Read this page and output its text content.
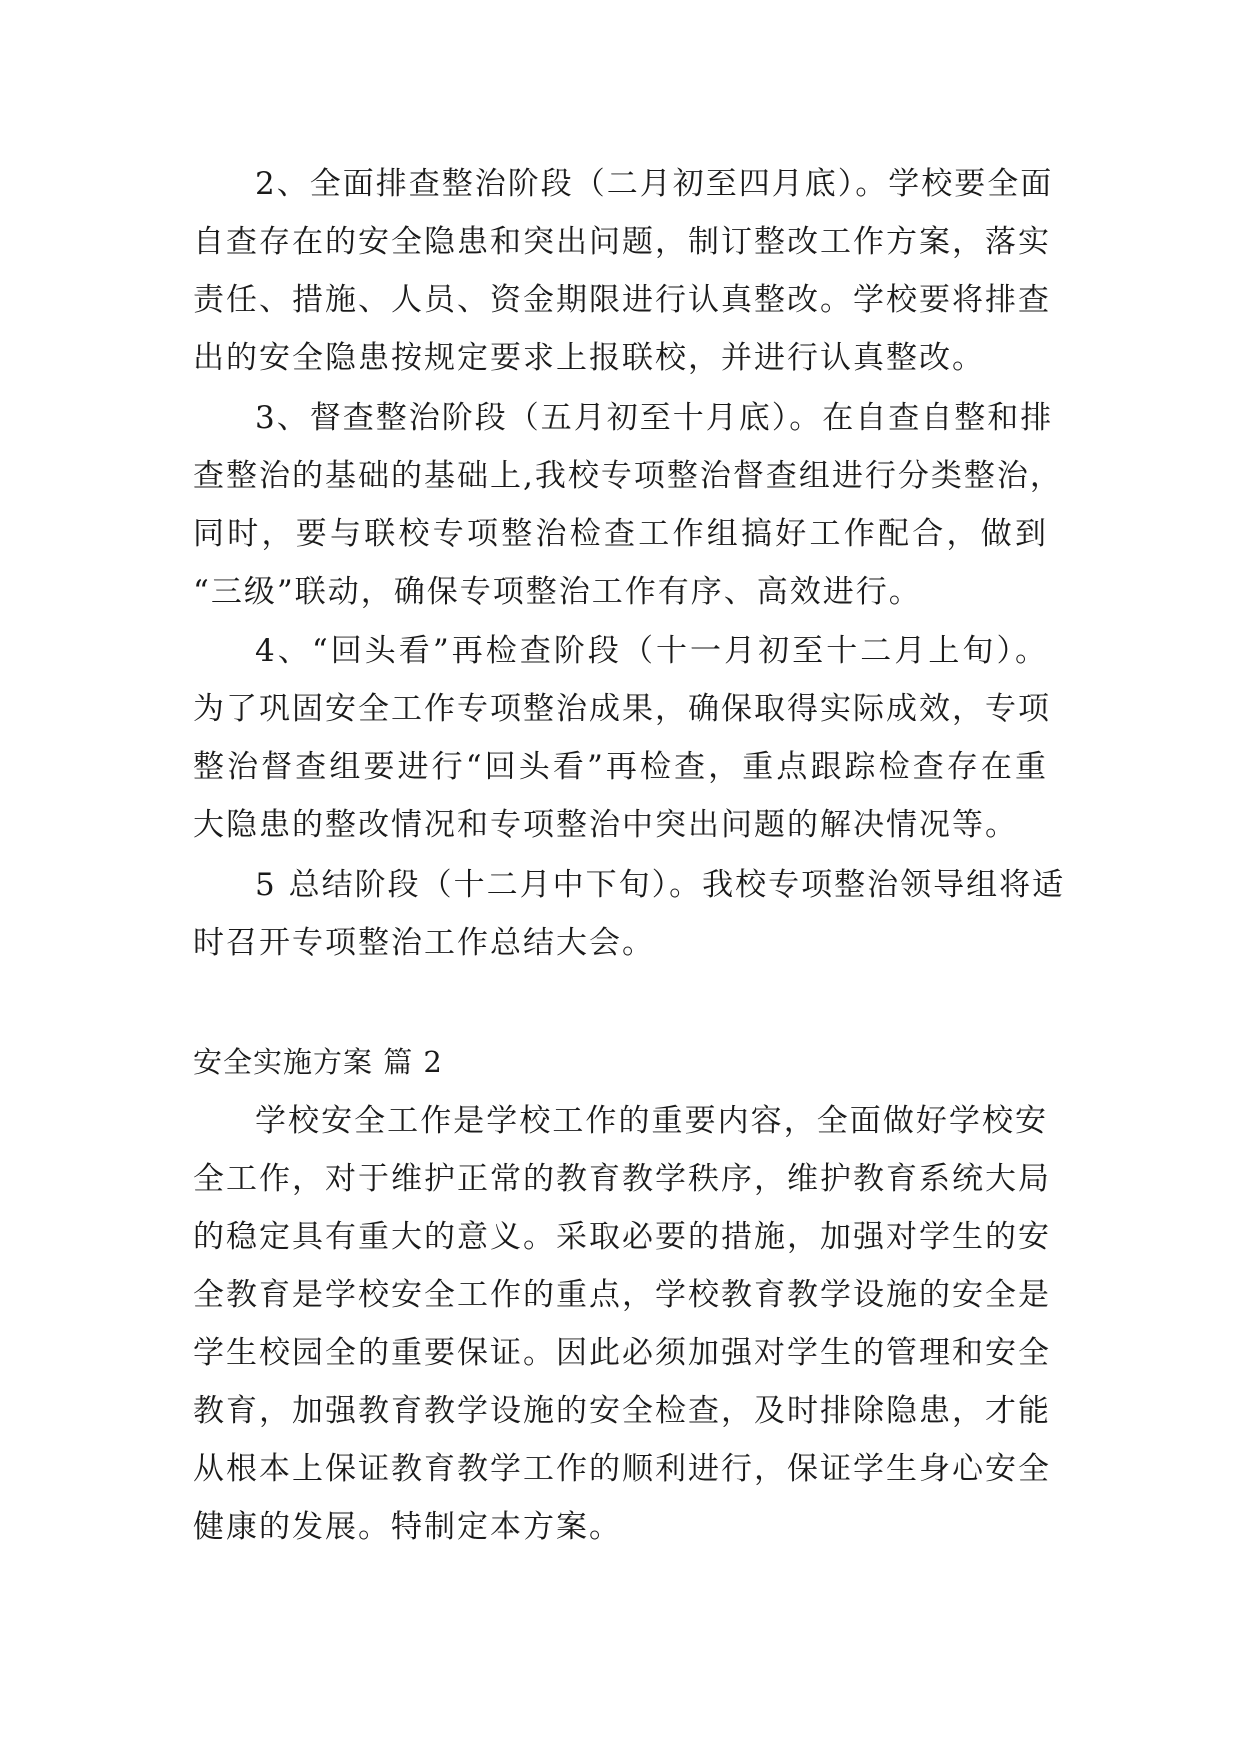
2、全面排查整治阶段（二月初至四月底）。学校要全面
自查存在的安全隐患和突出问题，制订整改工作方案，落实
责任、措施、人员、资金期限进行认真整改。学校要将排查
出的安全隐患按规定要求上报联校，并进行认真整改。
3、督查整治阶段（五月初至十月底）。在自查自整和排
查整治的基础的基础上,我校专项整治督查组进行分类整治，
同时，要与联校专项整治检查工作组搞好工作配合，做到
“三级”联动，确保专项整治工作有序、高效进行。
4、“回头看”再检查阶段（十一月初至十二月上旬）。
为了巩固安全工作专项整治成果，确保取得实际成效，专项
整治督查组要进行“回头看”再检查，重点跟踪检查存在重
大隐患的整改情况和专项整治中突出问题的解决情况等。
5 总结阶段（十二月中下旬）。我校专项整治领导组将适
时召开专项整治工作总结大会。
安全实施方案 篇 2
学校安全工作是学校工作的重要内容，全面做好学校安
全工作，对于维护正常的教育教学秩序，维护教育系统大局
的稳定具有重大的意义。采取必要的措施，加强对学生的安
全教育是学校安全工作的重点，学校教育教学设施的安全是
学生校园全的重要保证。因此必须加强对学生的管理和安全
教育，加强教育教学设施的安全检查，及时排除隐患，才能
从根本上保证教育教学工作的顺利进行，保证学生身心安全
健康的发展。特制定本方案。
